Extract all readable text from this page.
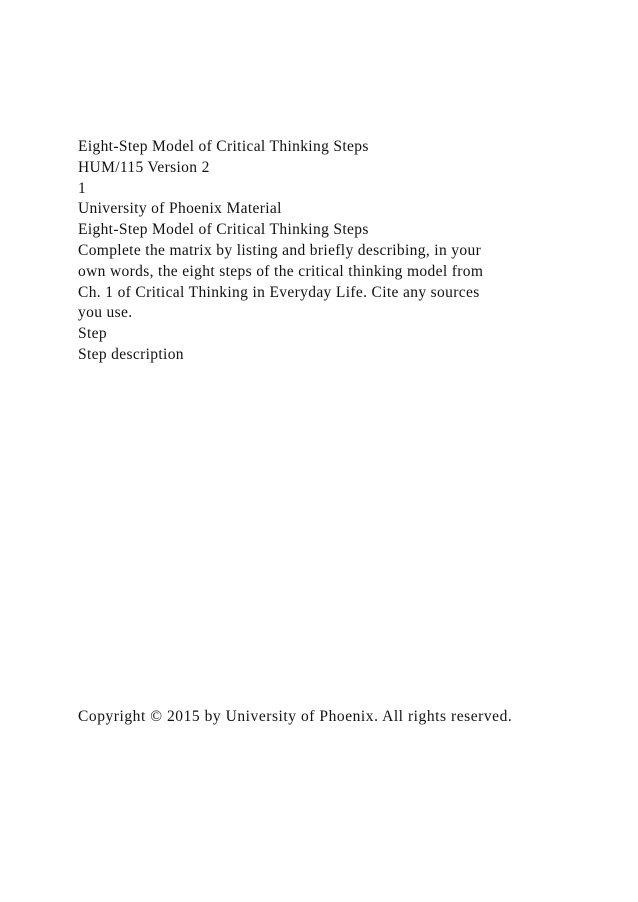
Eight-Step Model of Critical Thinking Steps
HUM/115 Version 2
1
University of Phoenix Material
Eight-Step Model of Critical Thinking Steps
Complete the matrix by listing and briefly describing, in your
own words, the eight steps of the critical thinking model from
Ch. 1 of Critical Thinking in Everyday Life. Cite any sources
you use.
Step
Step description
Copyright © 2015 by University of Phoenix. All rights reserved.
